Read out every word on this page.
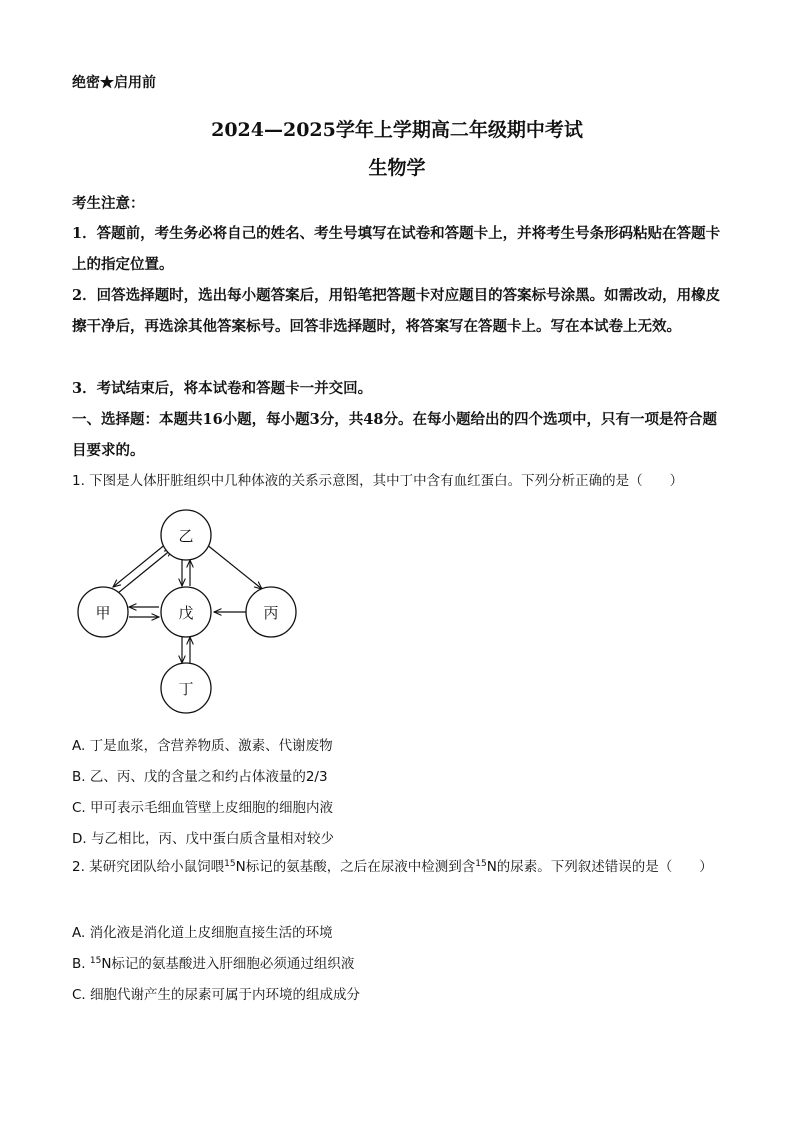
绝密★启用前
2024—2025学年上学期高二年级期中考试
生物学
考生注意：
1．答题前，考生务必将自己的姓名、考生号填写在试卷和答题卡上，并将考生号条形码粘贴在答题卡上的指定位置。
2．回答选择题时，选出每小题答案后，用铅笔把答题卡对应题目的答案标号涂黑。如需改动，用橡皮擦干净后，再选涂其他答案标号。回答非选择题时，将答案写在答题卡上。写在本试卷上无效。
3．考试结束后，将本试卷和答题卡一并交回。
一、选择题：本题共16小题，每小题3分，共48分。在每小题给出的四个选项中，只有一项是符合题目要求的。
1. 下图是人体肝脏组织中几种体液的关系示意图，其中丁中含有血红蛋白。下列分析正确的是（　　）
乙
甲	戊	丙
丁
A. 丁是血浆，含营养物质、激素、代谢废物
B. 乙、丙、戊的含量之和约占体液量的2/3
C. 甲可表示毛细血管壁上皮细胞的细胞内液
D. 与乙相比，丙、戊中蛋白质含量相对较少
2. 某研究团队给小鼠饲喂$^{15}$N标记的氨基酸，之后在尿液中检测到含$^{15}$N的尿素。下列叙述错误的是（　　）
A. 消化液是消化道上皮细胞直接生活的环境
B. $^{15}$N标记的氨基酸进入肝细胞必须通过组织液
C. 细胞代谢产生的尿素可属于内环境的组成成分
